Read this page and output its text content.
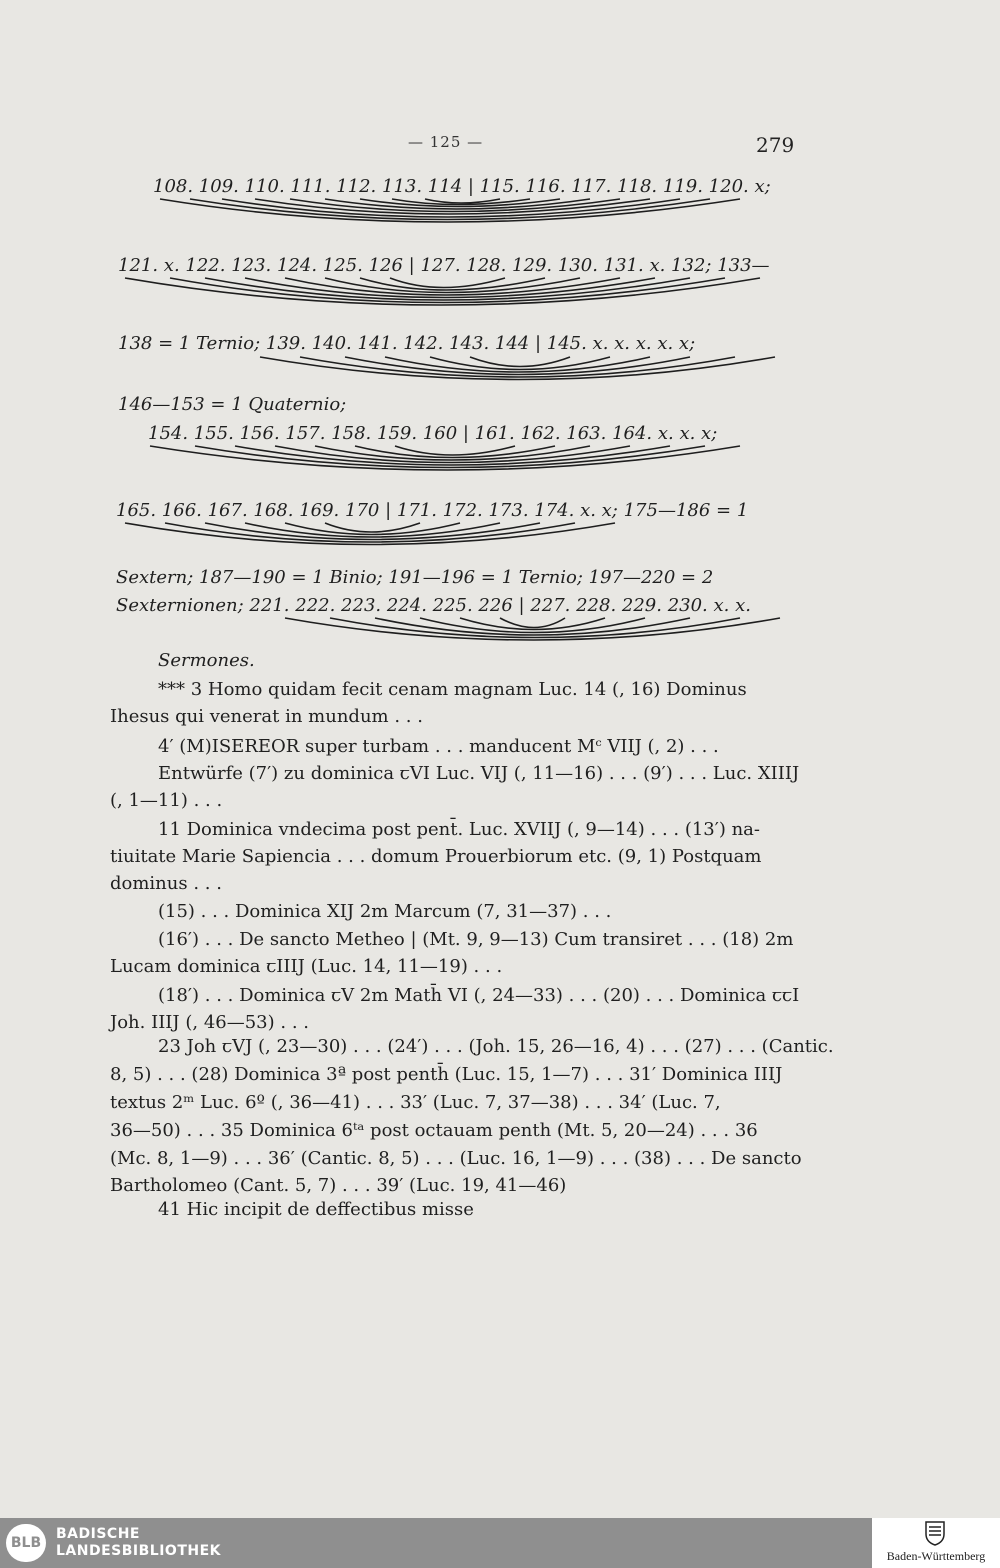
— 125 —	279
108. 109. 110. 111. 112. 113. 114 | 115. 116. 117. 118. 119. 120. x;
121. x. 122. 123. 124. 125. 126 | 127. 128. 129. 130. 131. x. 132; 133—
138 = 1 Ternio; 139. 140. 141. 142. 143. 144 | 145. x. x. x. x. x;
146—153 = 1 Quaternio;
154. 155. 156. 157. 158. 159. 160 | 161. 162. 163. 164. x. x. x;
165. 166. 167. 168. 169. 170 | 171. 172. 173. 174. x. x; 175—186 = 1
Sextern; 187—190 = 1 Binio; 191—196 = 1 Ternio; 197—220 = 2
Sexternionen; 221. 222. 223. 224. 225. 226 | 227. 228. 229. 230. x. x.
Sermones.
*** 3 Homo quidam fecit cenam magnam Luc. 14 (, 16) Dominus
Ihesus qui venerat in mundum . . .
4′ (M)ISEREOR super turbam . . . manducent Mᶜ VIIJ (, 2) . . .
Entwürfe (7′) zu dominica ꞇVI Luc. VIJ (, 11—16) . . . (9′) . . . Luc. XIIIJ
(, 1—11) . . .
11 Dominica vndecima post pent̄. Luc. XVIIJ (, 9—14) . . . (13′) na-
tiuitate Marie Sapiencia . . . domum Prouerbiorum etc. (9, 1) Postquam
dominus . . .
(15) . . . Dominica XIJ 2m Marcum (7, 31—37) . . .
(16′) . . . De sancto Metheo | (Mt. 9, 9—13) Cum transiret . . . (18) 2m
Lucam dominica ꞇIIIJ (Luc. 14, 11—19) . . .
(18′) . . . Dominica ꞇV 2m Math̄ VI (, 24—33) . . . (20) . . . Dominica ꞇꞇI
Joh. IIIJ (, 46—53) . . .
23 Joh ꞇVJ (, 23—30) . . . (24′) . . . (Joh. 15, 26—16, 4) . . . (27) . . . (Cantic.
8, 5) . . . (28) Dominica 3ª post penth̄ (Luc. 15, 1—7) . . . 31′ Dominica IIIJ
textus 2ᵐ Luc. 6º (, 36—41) . . . 33′ (Luc. 7, 37—38) . . . 34′ (Luc. 7,
36—50) . . . 35 Dominica 6ᵗᵃ post octauam penth (Mt. 5, 20—24) . . . 36
(Mc. 8, 1—9) . . . 36′ (Cantic. 8, 5) . . . (Luc. 16, 1—9) . . . (38) . . . De sancto
Bartholomeo (Cant. 5, 7) . . . 39′ (Luc. 19, 41—46)
41 Hic incipit de deffectibus misse
BLB
BADISCHE
LANDESBIBLIOTHEK	Baden-Württemberg
